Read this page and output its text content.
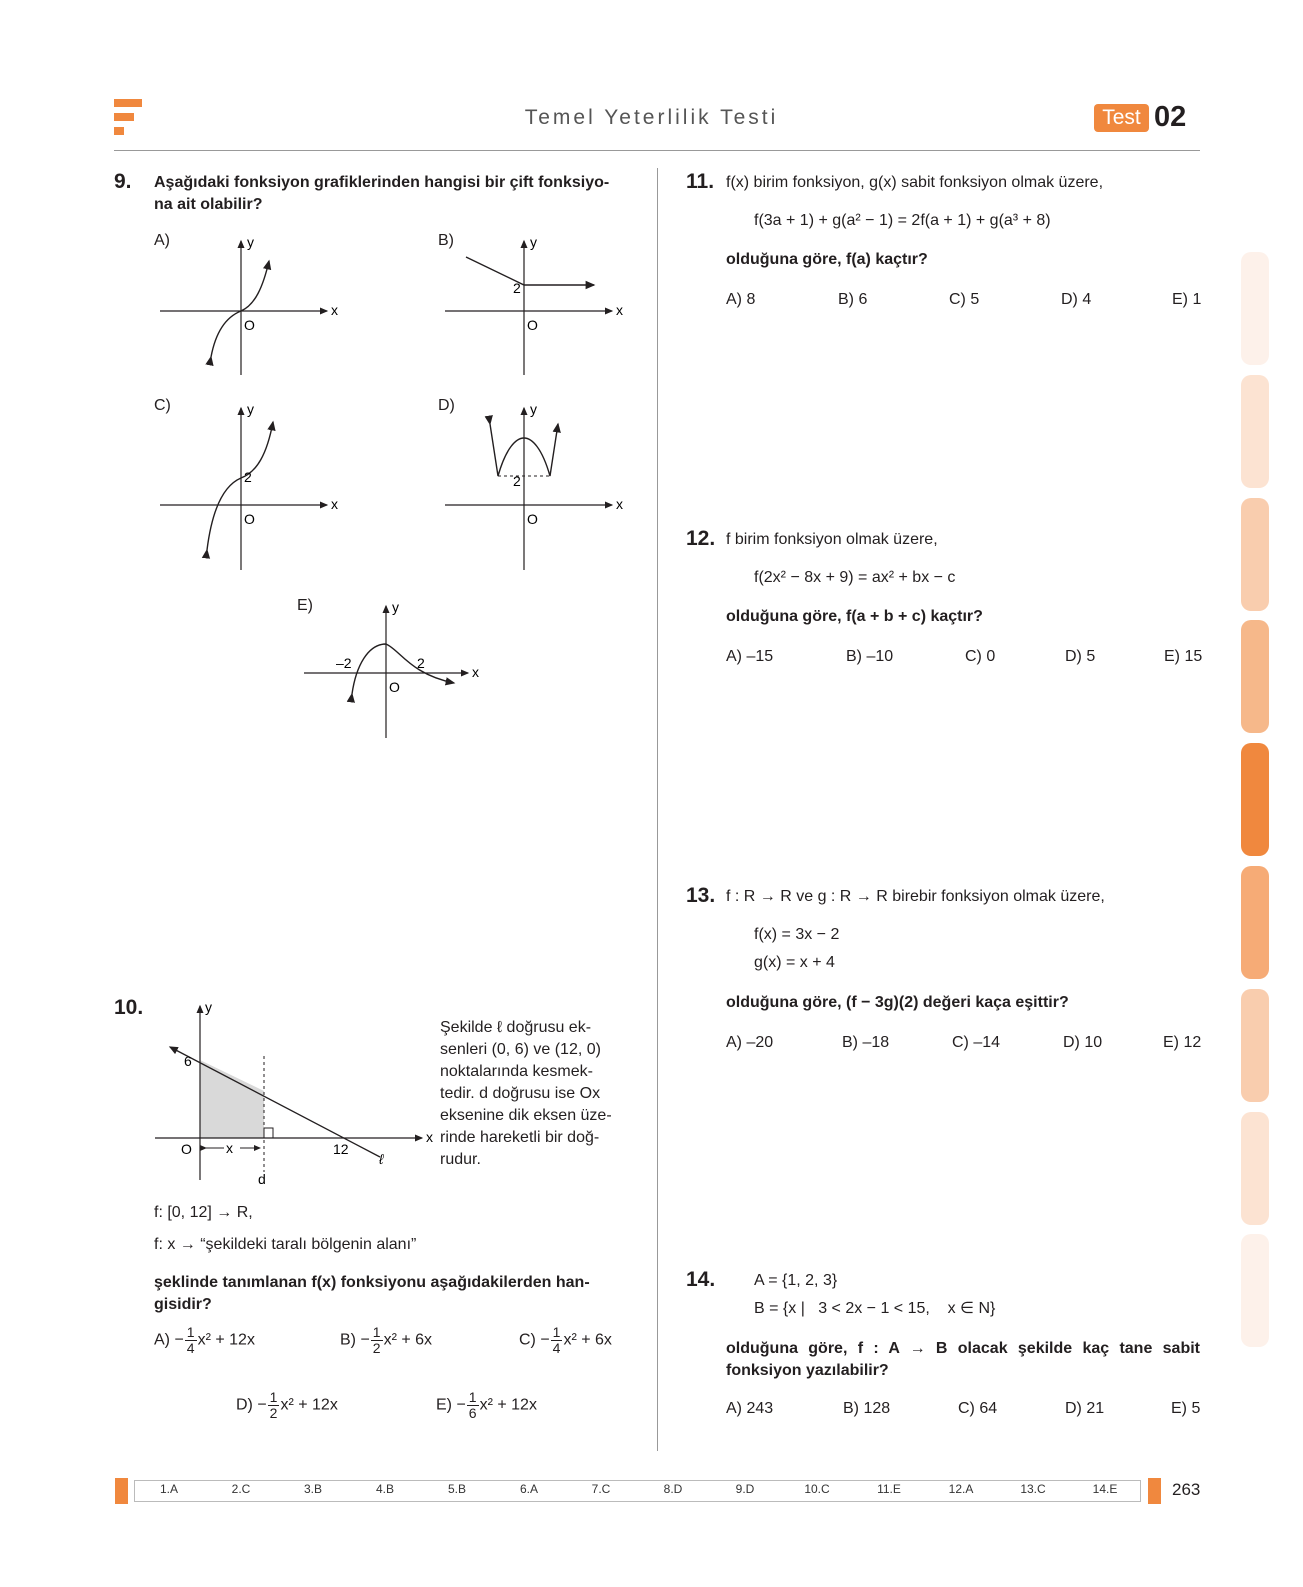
Temel Yeterlilik Testi	Test 02
9. Aşağıdaki fonksiyon grafiklerinden hangisi bir çift fonksiyo-
na ait olabilir?
A)
x
y
O
B)
x
y
O
2
C)
x
y
O
2
D)
x
y
O
2
E)
x
y
O
–2	2
10.
x
y
x
6
O	12
ℓ
d
Şekilde ℓ doğrusu ek-
senleri (0, 6) ve (12, 0)
noktalarında kesmek-
tedir. d doğrusu ise Ox
eksenine dik eksen üze-
rinde hareketli bir doğ-
rudur.
f: [0, 12] → R,
f: x → “şekildeki taralı bölgenin alanı”
şeklinde tanımlanan f(x) fonksiyonu aşağıdakilerden han-
gisidir?
$A) - \frac{1}{4} x^2 + 12x$	$B) - \frac{1}{2} x^2 + 6x$	$C) - \frac{1}{4} x^2 + 6x$
$D) - \frac{1}{2} x^2 + 12x$	$E) - \frac{1}{6} x^2 + 12x$
11. f(x) birim fonksiyon, g(x) sabit fonksiyon olmak üzere,
f(3a + 1) + g(a² − 1) = 2f(a + 1) + g(a³ + 8)
olduğuna göre, f(a) kaçtır?
A) 8	B) 6	C) 5	D) 4	E) 1
12. f birim fonksiyon olmak üzere,
f(2x² − 8x + 9) = ax² + bx − c
olduğuna göre, f(a + b + c) kaçtır?
A) –15	B) –10	C) 0	D) 5	E) 15
13. f : R → R ve g : R → R birebir fonksiyon olmak üzere,
f(x) = 3x − 2
g(x) = x + 4
olduğuna göre, (f − 3g)(2) değeri kaça eşittir?
A) –20	B) –18	C) –14	D) 10	E) 12
14. A = {1, 2, 3}
B = {x |   3 < 2x − 1 < 15,    x ∈ N}
olduğuna göre, f : A → B olacak şekilde kaç tane sabit
fonksiyon yazılabilir?
A) 243	B) 128	C) 64	D) 21	E) 5
1.A	2.C	3.B	4.B	5.B	6.A	7.C	8.D	9.D	10.C	11.E	12.A	13.C	14.E	263
